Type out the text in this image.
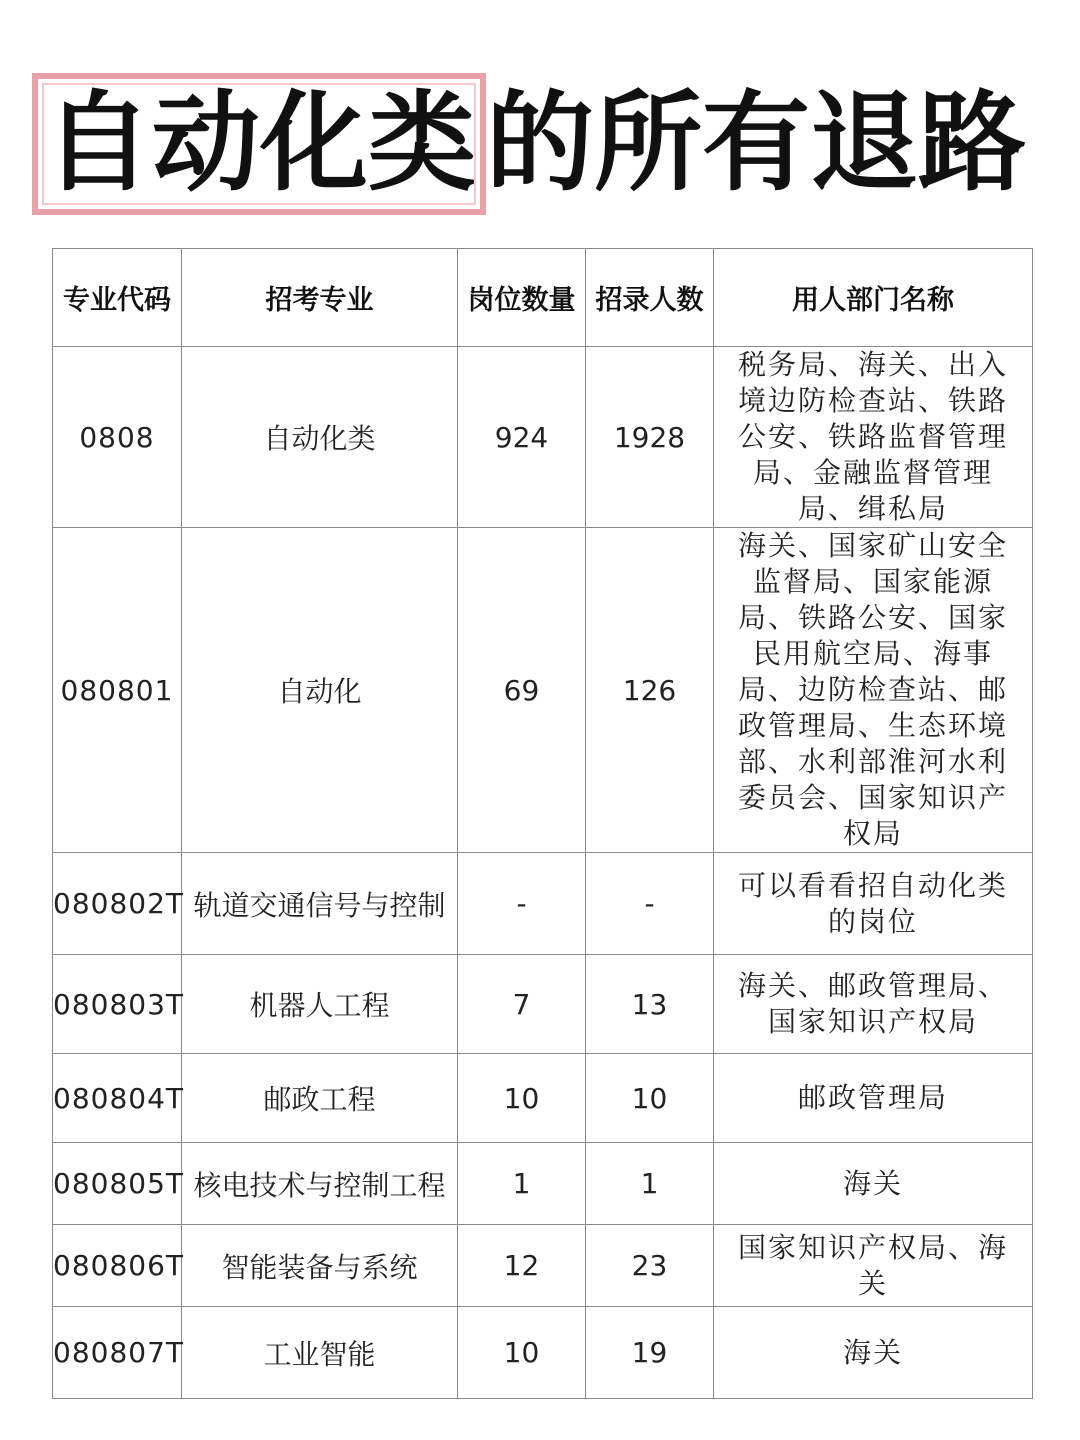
自动化类 的所有退路
专业代码	招考专业	岗位数量	招录人数	用人部门名称
0808	自动化类	924	1928	税务局、海关、出入境边防检查站、铁路公安、铁路监督管理局、金融监督管理局、缉私局
080801	自动化	69	126	海关、国家矿山安全监督局、国家能源局、铁路公安、国家民用航空局、海事局、边防检查站、邮政管理局、生态环境部、水利部淮河水利委员会、国家知识产权局
080802T	轨道交通信号与控制	-	-	可以看看招自动化类的岗位
080803T	机器人工程	7	13	海关、邮政管理局、国家知识产权局
080804T	邮政工程	10	10	邮政管理局
080805T	核电技术与控制工程	1	1	海关
080806T	智能装备与系统	12	23	国家知识产权局、海关
080807T	工业智能	10	19	海关
